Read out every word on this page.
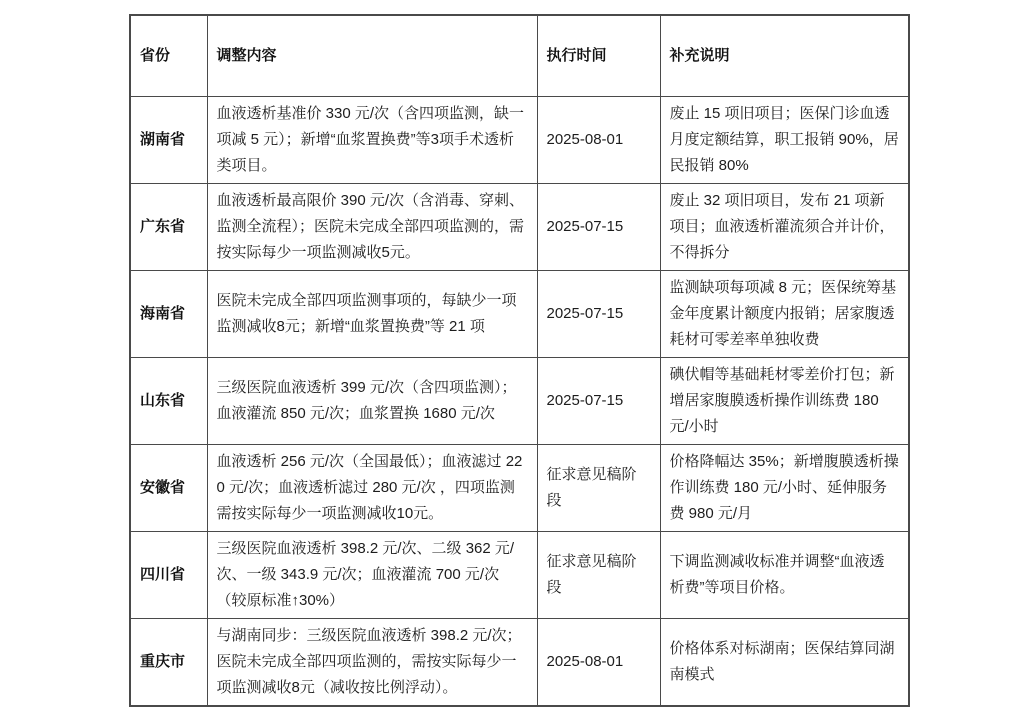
省份	调整内容	执行时间	补充说明
湖南省	血液透析基准价 330 元/次（含四项监测，缺一项减 5 元）；新增“血浆置换费”等3项手术透析类项目。	2025-08-01	废止 15 项旧项目；医保门诊血透月度定额结算，职工报销 90%，居民报销 80%
广东省	血液透析最高限价 390 元/次（含消毒、穿刺、监测全流程）；医院未完成全部四项监测的，需按实际每少一项监测减收5元。	2025-07-15	废止 32 项旧项目，发布 21 项新项目；血液透析灌流须合并计价，不得拆分
海南省	医院未完成全部四项监测事项的，每缺少一项监测减收8元；新增“血浆置换费”等 21 项	2025-07-15	监测缺项每项减 8 元；医保统筹基金年度累计额度内报销；居家腹透耗材可零差率单独收费
山东省	三级医院血液透析 399 元/次（含四项监测）；血液灌流 850 元/次；血浆置换 1680 元/次	2025-07-15	碘伏帽等基础耗材零差价打包；新增居家腹膜透析操作训练费 180 元/小时
安徽省	血液透析 256 元/次（全国最低）；血液滤过 220 元/次；血液透析滤过 280 元/次 ，四项监测需按实际每少一项监测减收10元。	征求意见稿阶段	价格降幅达 35%；新增腹膜透析操作训练费 180 元/小时、延伸服务费 980 元/月
四川省	三级医院血液透析 398.2 元/次、二级 362 元/次、一级 343.9 元/次；血液灌流 700 元/次（较原标准↑30%）	征求意见稿阶段	下调监测减收标准并调整“血液透析费”等项目价格。
重庆市	与湖南同步：三级医院血液透析 398.2 元/次；医院未完成全部四项监测的，需按实际每少一项监测减收8元（减收按比例浮动）。	2025-08-01	价格体系对标湖南；医保结算同湖南模式
